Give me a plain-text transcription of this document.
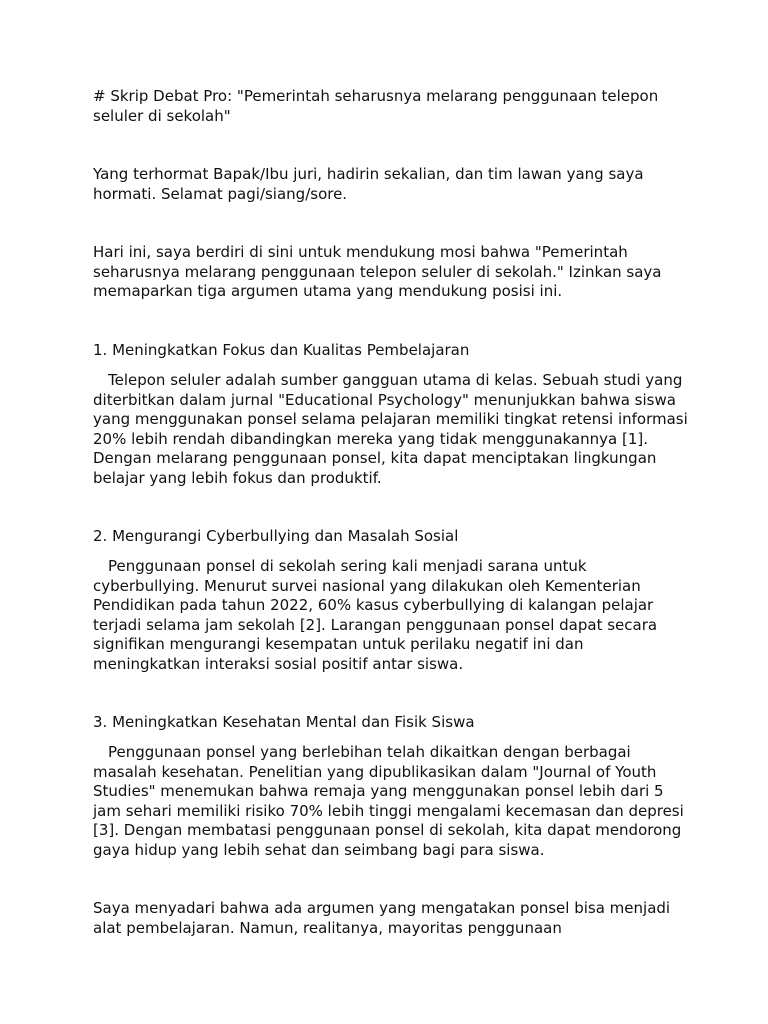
# Skrip Debat Pro: "Pemerintah seharusnya melarang penggunaan telepon seluler di sekolah"

Yang terhormat Bapak/Ibu juri, hadirin sekalian, dan tim lawan yang saya hormati. Selamat pagi/siang/sore.

Hari ini, saya berdiri di sini untuk mendukung mosi bahwa "Pemerintah seharusnya melarang penggunaan telepon seluler di sekolah." Izinkan saya memaparkan tiga argumen utama yang mendukung posisi ini.

1. Meningkatkan Fokus dan Kualitas Pembelajaran

Telepon seluler adalah sumber gangguan utama di kelas. Sebuah studi yang diterbitkan dalam jurnal "Educational Psychology" menunjukkan bahwa siswa yang menggunakan ponsel selama pelajaran memiliki tingkat retensi informasi 20% lebih rendah dibandingkan mereka yang tidak menggunakannya [1]. Dengan melarang penggunaan ponsel, kita dapat menciptakan lingkungan belajar yang lebih fokus dan produktif.

2. Mengurangi Cyberbullying dan Masalah Sosial

Penggunaan ponsel di sekolah sering kali menjadi sarana untuk cyberbullying. Menurut survei nasional yang dilakukan oleh Kementerian Pendidikan pada tahun 2022, 60% kasus cyberbullying di kalangan pelajar terjadi selama jam sekolah [2]. Larangan penggunaan ponsel dapat secara signifikan mengurangi kesempatan untuk perilaku negatif ini dan meningkatkan interaksi sosial positif antar siswa.

3. Meningkatkan Kesehatan Mental dan Fisik Siswa

Penggunaan ponsel yang berlebihan telah dikaitkan dengan berbagai masalah kesehatan. Penelitian yang dipublikasikan dalam "Journal of Youth Studies" menemukan bahwa remaja yang menggunakan ponsel lebih dari 5 jam sehari memiliki risiko 70% lebih tinggi mengalami kecemasan dan depresi [3]. Dengan membatasi penggunaan ponsel di sekolah, kita dapat mendorong gaya hidup yang lebih sehat dan seimbang bagi para siswa.

Saya menyadari bahwa ada argumen yang mengatakan ponsel bisa menjadi alat pembelajaran. Namun, realitanya, mayoritas penggunaan
